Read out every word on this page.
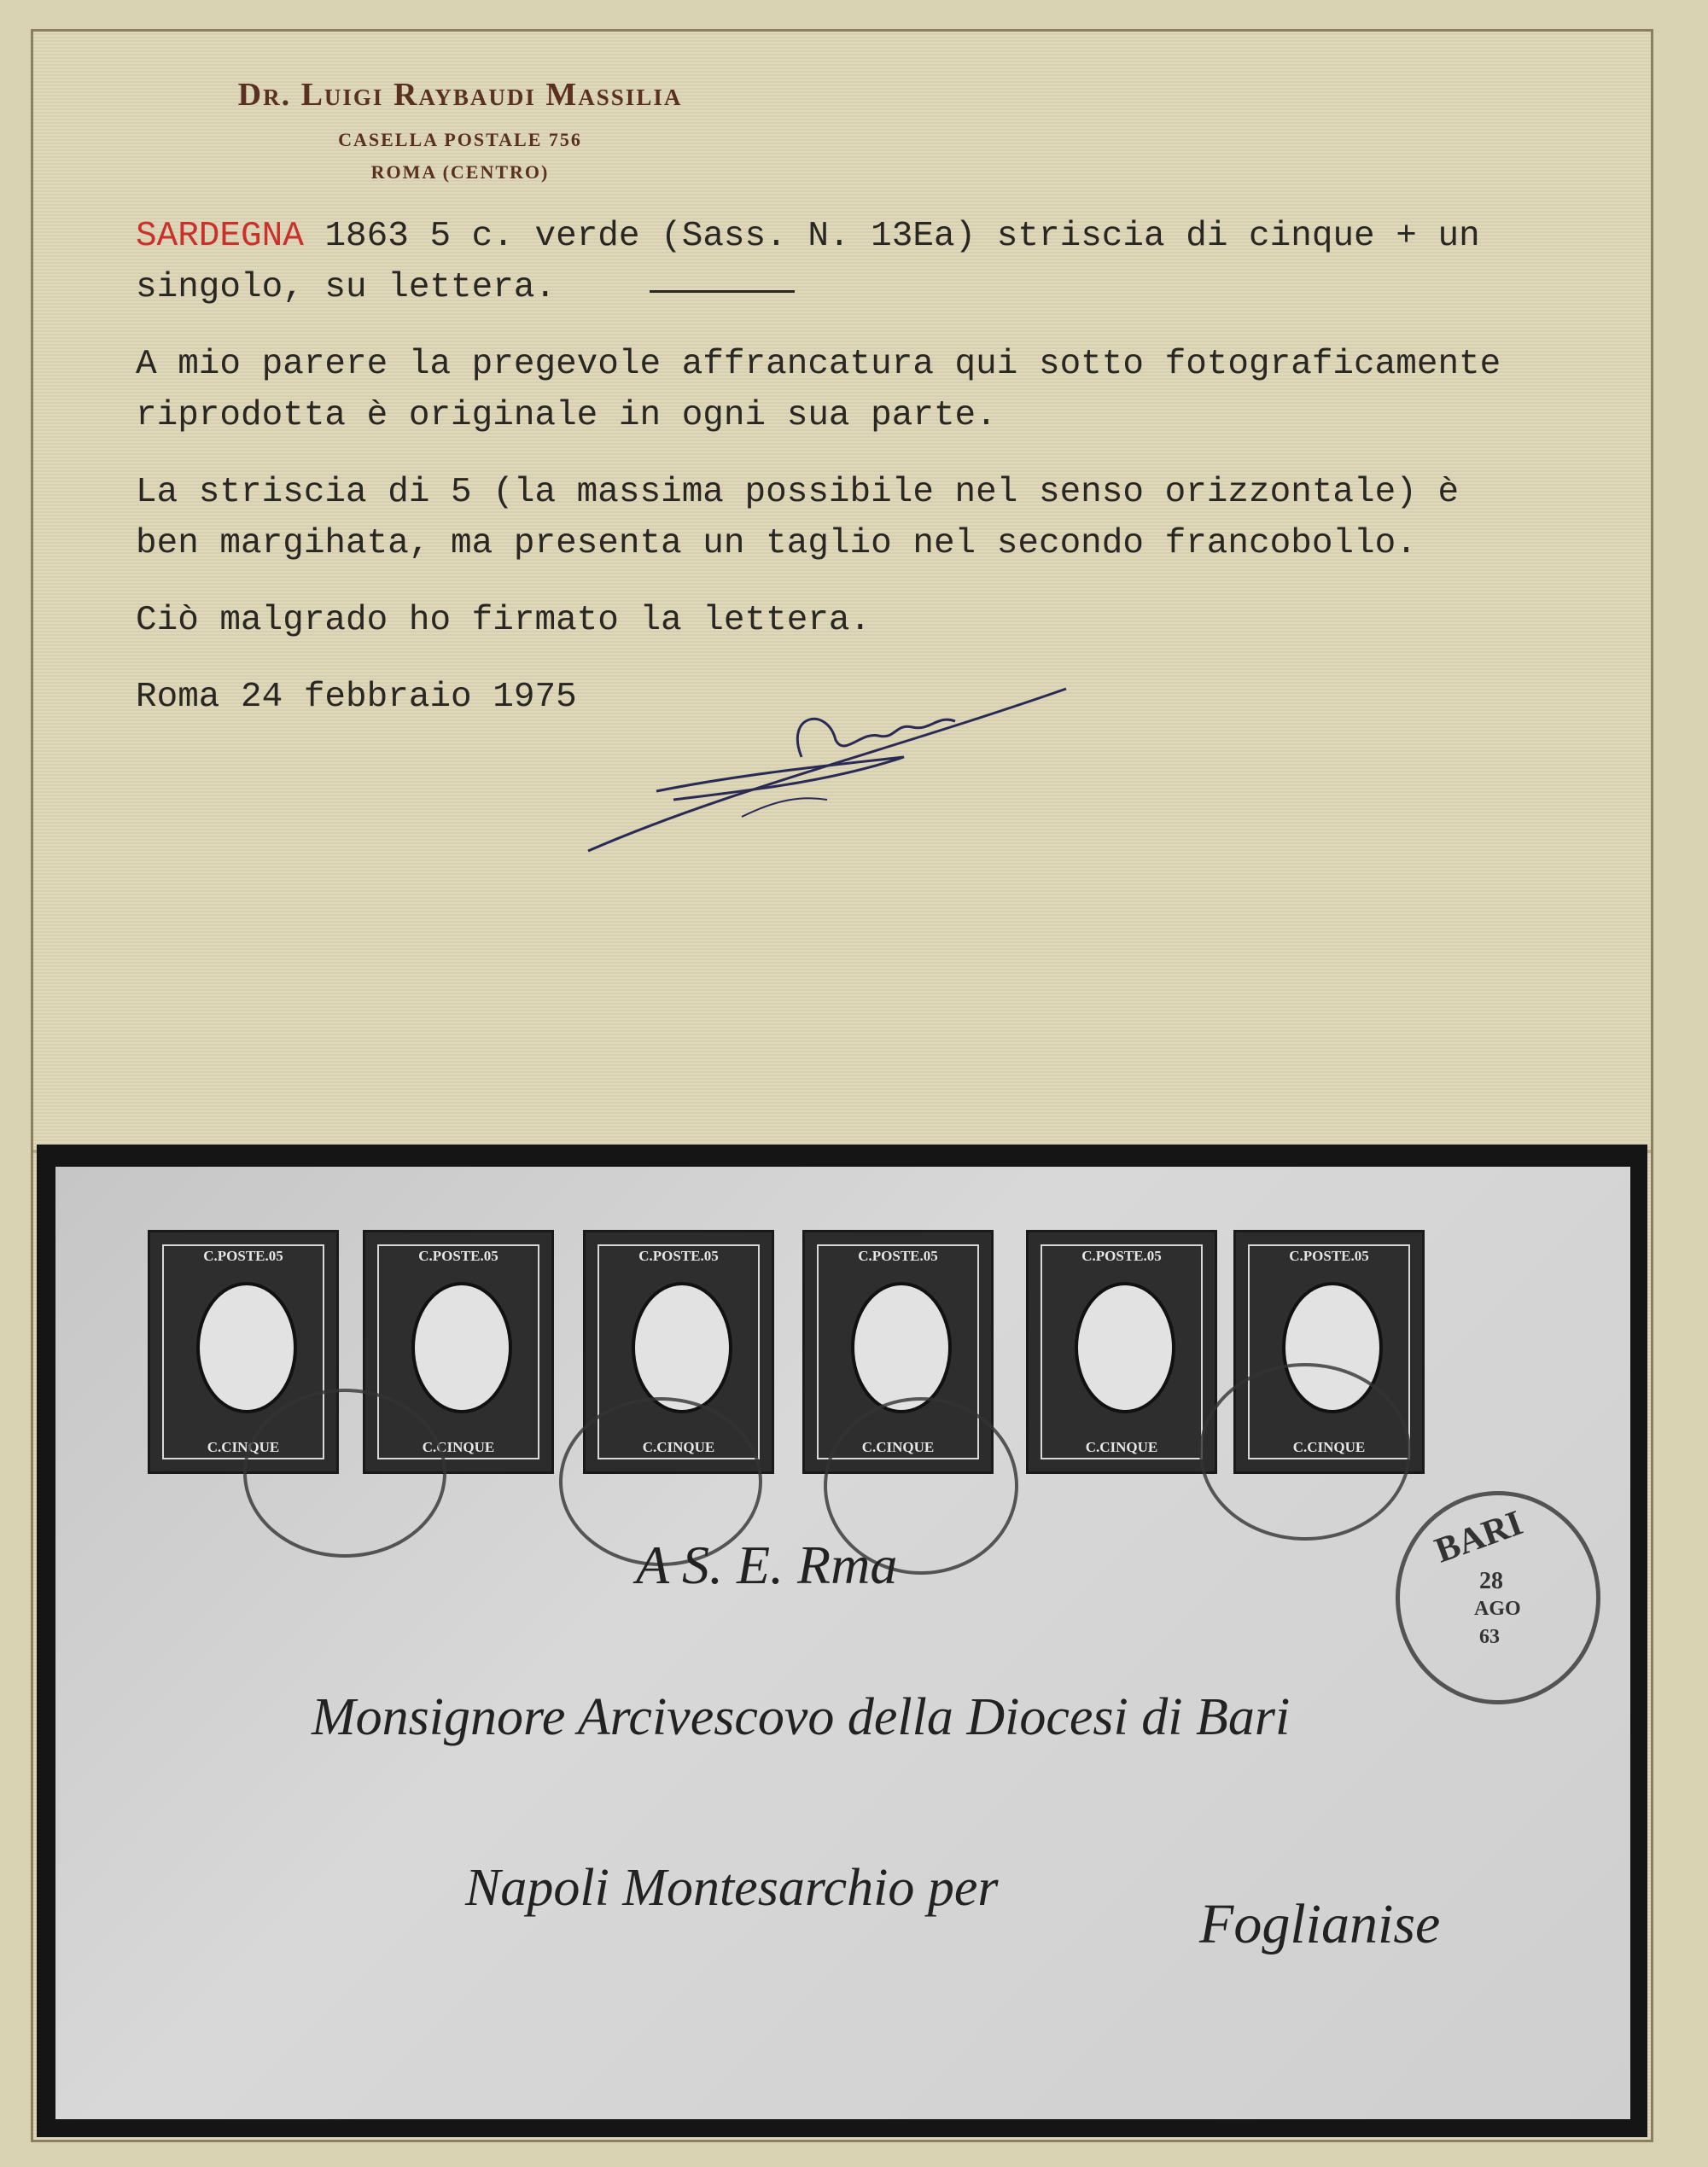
Dr. Luigi Raybaudi Massilia
CASELLA POSTALE 756
ROMA (CENTRO)
SARDEGNA 1863 5 c. verde (Sass. N. 13Ea) striscia di cinque + un
singolo, su lettera.
A mio parere la pregevole affrancatura qui sotto fotograficamente
riprodotta è originale in ogni sua parte.
La striscia di 5 (la massima possibile nel senso orizzontale) è
ben margihata, ma presenta un taglio nel secondo francobollo.
Ciò malgrado ho firmato la lettera.
Roma 24 febbraio 1975
C.POSTE.05
C.CINQUE
C.POSTE.05
C.CINQUE
C.POSTE.05
C.CINQUE
C.POSTE.05
C.CINQUE
C.POSTE.05
C.CINQUE
C.POSTE.05
C.CINQUE
BARI
28
AGO
63
A S. E. Rma
Monsignore Arcivescovo della Diocesi di Bari
Napoli Montesarchio per
Foglianise
